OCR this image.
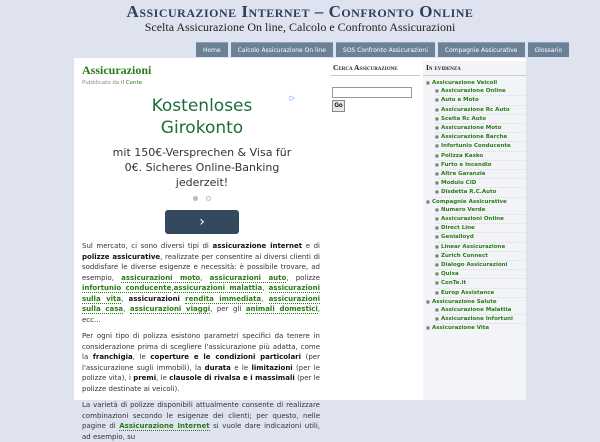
Assicurazione Internet – Confronto Online
Scelta Assicurazione On line, Calcolo e Confronto Assicurazioni
Home	Calcolo Assicurazione On line	SOS Confronto Assicurazioni	Compagnie Assicurative	Glossario
Assicurazioni
Pubblicato da il Conte
▷
Kostenloses Girokonto
mit 150€-Versprechen & Visa für 0€. Sicheres Online-Banking jederzeit!
›

Sul mercato, ci sono diversi tipi di assicurazione internet e di polizze assicurative, realizzate per consentire ai diversi clienti di soddisfare le diverse esigenze e necessità: è possibile trovare, ad esempio, assicurazioni moto, assicurazioni auto, polizze infortunio conducente,assicurazioni malattia, assicurazioni sulla vita, assicurazioni rendita immediata, assicurazioni sulla casa, assicurazioni viaggi, per gli animali domestici, ecc...

Per ogni tipo di polizza esistono parametri specifici da tenere in considerazione prima di scegliere l'assicurazione più adatta, come la franchigia, le coperture e le condizioni particolari (per l'assicurazione sugli immobili), la durata e le limitazioni (per le polizze vita), i premi, le clausole di rivalsa e i massimali (per le polizze destinate ai veicoli).

La varietà di polizze disponibili attualmente consente di realizzare combinazioni secondo le esigenze dei clienti; per questo, nelle pagine di Assicurazione Internet si vuole dare indicazioni utili, ad esempio, su

Cerca Assicurazione
Go
In evidenza
■ Assicurazione Veicoli
■ Assicurazione Online
■ Auto e Moto
■ Assicurazione Rc Auto
■ Scelta Rc Auto
■ Assicurazione Moto
■ Assicurazione Barche
■ Infortunio Conducente
■ Polizza Kasko
■ Furto e Incendio
■ Altre Garanzie
■ Modulo CID
■ Disdetta R.C.Auto
■ Compagnie Assicurative
■ Numero Verde
■ Assicurazioni Online
■ Direct Line
■ Genialloyd
■ Linear Assicurazione
■ Zurich Connect
■ Dialogo Assicurazioni
■ Quixa
■ ConTe.it
■ Europ Assistance
■ Assicurazione Salute
■ Assicurazione Malattia
■ Assicurazione Infortuni
■ Assicurazione Vita
